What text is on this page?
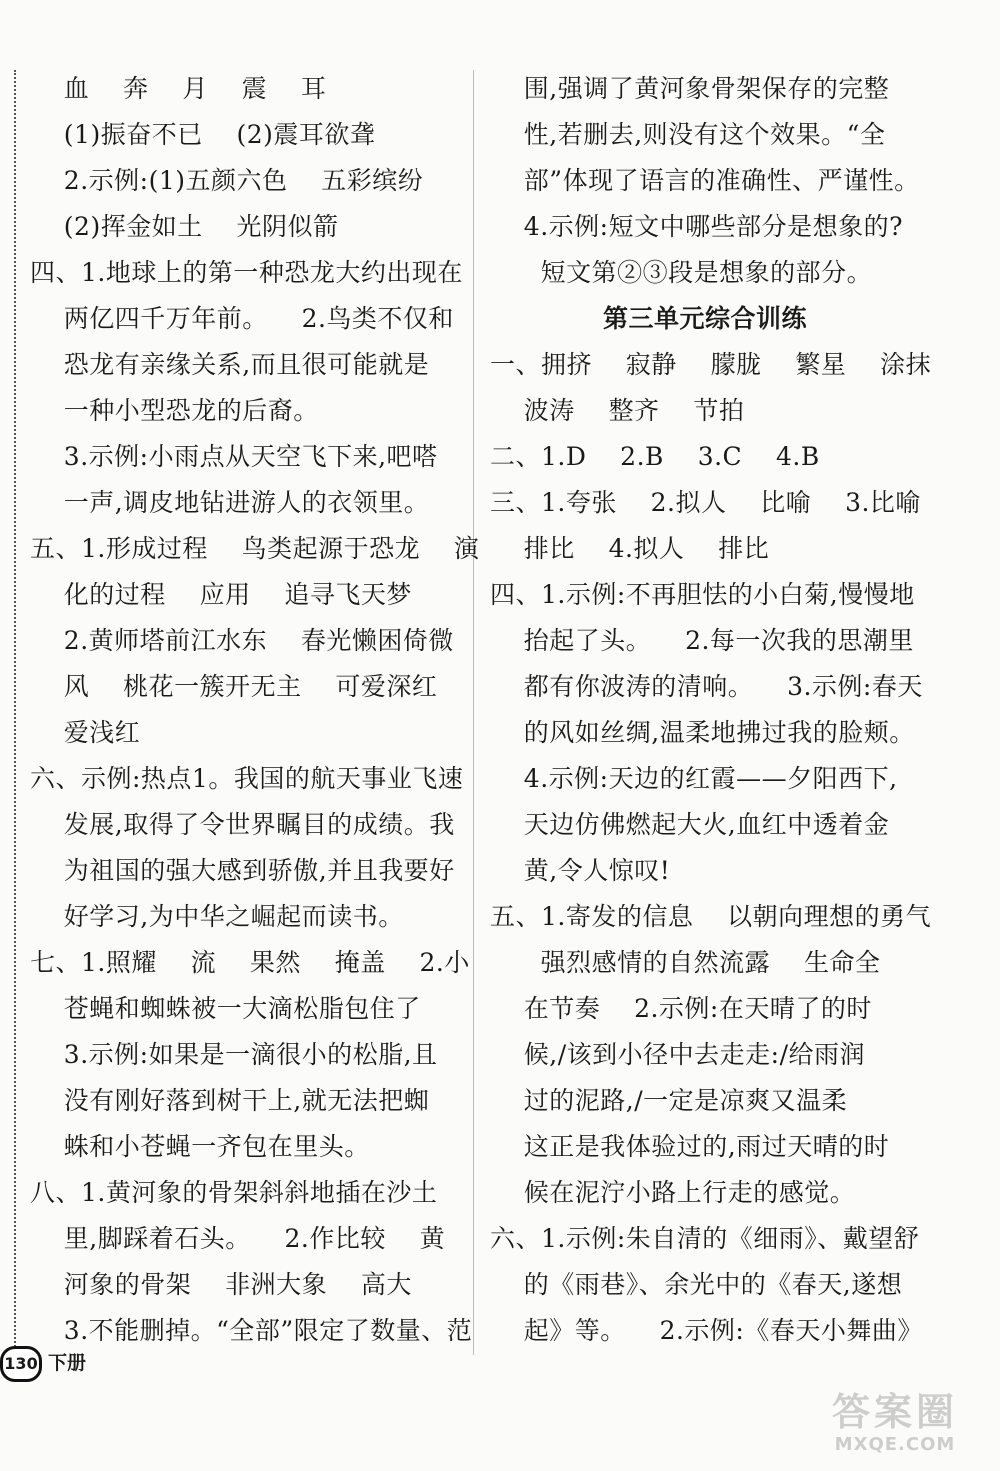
血    奔    月    震    耳
(1)振奋不已    (2)震耳欲聋
2.示例:(1)五颜六色    五彩缤纷
(2)挥金如土    光阴似箭
四、1.地球上的第一种恐龙大约出现在
两亿四千万年前。    2.鸟类不仅和
恐龙有亲缘关系,而且很可能就是
一种小型恐龙的后裔。
3.示例:小雨点从天空飞下来,吧嗒
一声,调皮地钻进游人的衣领里。
五、1.形成过程    鸟类起源于恐龙    演
化的过程    应用    追寻飞天梦
2.黄师塔前江水东    春光懒困倚微
风    桃花一簇开无主    可爱深红
爱浅红
六、示例:热点1。我国的航天事业飞速
发展,取得了令世界瞩目的成绩。我
为祖国的强大感到骄傲,并且我要好
好学习,为中华之崛起而读书。
七、1.照耀    流    果然    掩盖    2.小
苍蝇和蜘蛛被一大滴松脂包住了
3.示例:如果是一滴很小的松脂,且
没有刚好落到树干上,就无法把蜘
蛛和小苍蝇一齐包在里头。
八、1.黄河象的骨架斜斜地插在沙土
里,脚踩着石头。    2.作比较    黄
河象的骨架    非洲大象    高大
3.不能删掉。“全部”限定了数量、范
围,强调了黄河象骨架保存的完整
性,若删去,则没有这个效果。“全
部”体现了语言的准确性、严谨性。
4.示例:短文中哪些部分是想象的?
短文第②③段是想象的部分。
第三单元综合训练
一、拥挤    寂静    朦胧    繁星    涂抹
波涛    整齐    节拍
二、1.D    2.B    3.C    4.B
三、1.夸张    2.拟人    比喻    3.比喻
排比    4.拟人    排比
四、1.示例:不再胆怯的小白菊,慢慢地
抬起了头。    2.每一次我的思潮里
都有你波涛的清响。    3.示例:春天
的风如丝绸,温柔地拂过我的脸颊。
4.示例:天边的红霞——夕阳西下,
天边仿佛燃起大火,血红中透着金
黄,令人惊叹!
五、1.寄发的信息    以朝向理想的勇气
强烈感情的自然流露    生命全
在节奏    2.示例:在天晴了的时
候,/该到小径中去走走:/给雨润
过的泥路,/一定是凉爽又温柔
这正是我体验过的,雨过天晴的时
候在泥泞小路上行走的感觉。
六、1.示例:朱自清的《细雨》、戴望舒
的《雨巷》、余光中的《春天,遂想
起》等。    2.示例:《春天小舞曲》
130 下册
答案圈
MXQE.COM
